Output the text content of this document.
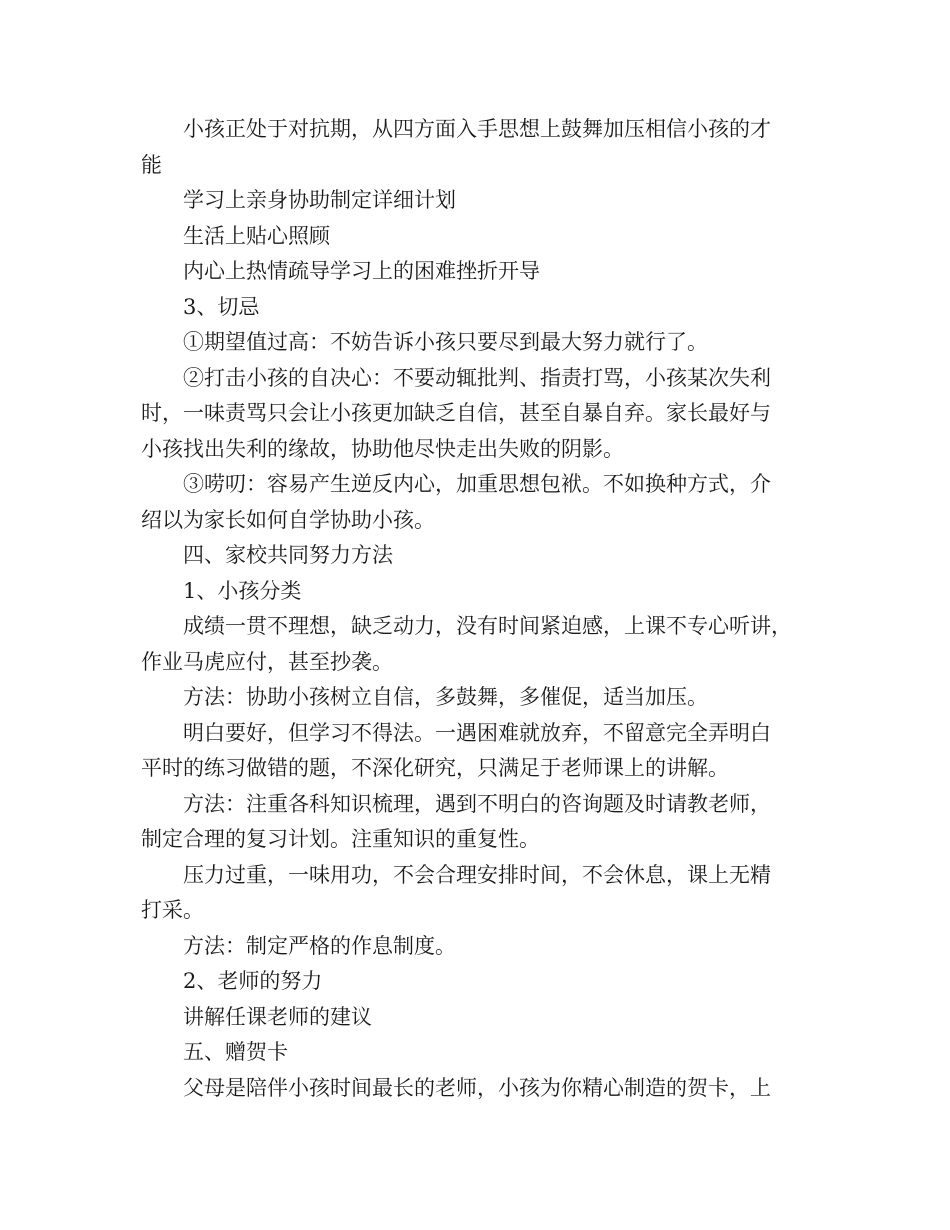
小孩正处于对抗期，从四方面入手思想上鼓舞加压相信小孩的才
能
学习上亲身协助制定详细计划
生活上贴心照顾
内心上热情疏导学习上的困难挫折开导
3、切忌
①期望值过高：不妨告诉小孩只要尽到最大努力就行了。
②打击小孩的自决心：不要动辄批判、指责打骂，小孩某次失利
时，一味责骂只会让小孩更加缺乏自信，甚至自暴自弃。家长最好与
小孩找出失利的缘故，协助他尽快走出失败的阴影。
③唠叨：容易产生逆反内心，加重思想包袱。不如换种方式，介
绍以为家长如何自学协助小孩。
四、家校共同努力方法
1、小孩分类
成绩一贯不理想，缺乏动力，没有时间紧迫感，上课不专心听讲，
作业马虎应付，甚至抄袭。
方法：协助小孩树立自信，多鼓舞，多催促，适当加压。
明白要好，但学习不得法。一遇困难就放弃，不留意完全弄明白
平时的练习做错的题，不深化研究，只满足于老师课上的讲解。
方法：注重各科知识梳理，遇到不明白的咨询题及时请教老师，
制定合理的复习计划。注重知识的重复性。
压力过重，一味用功，不会合理安排时间，不会休息，课上无精
打采。
方法：制定严格的作息制度。
2、老师的努力
讲解任课老师的建议
五、赠贺卡
父母是陪伴小孩时间最长的老师，小孩为你精心制造的贺卡，上
